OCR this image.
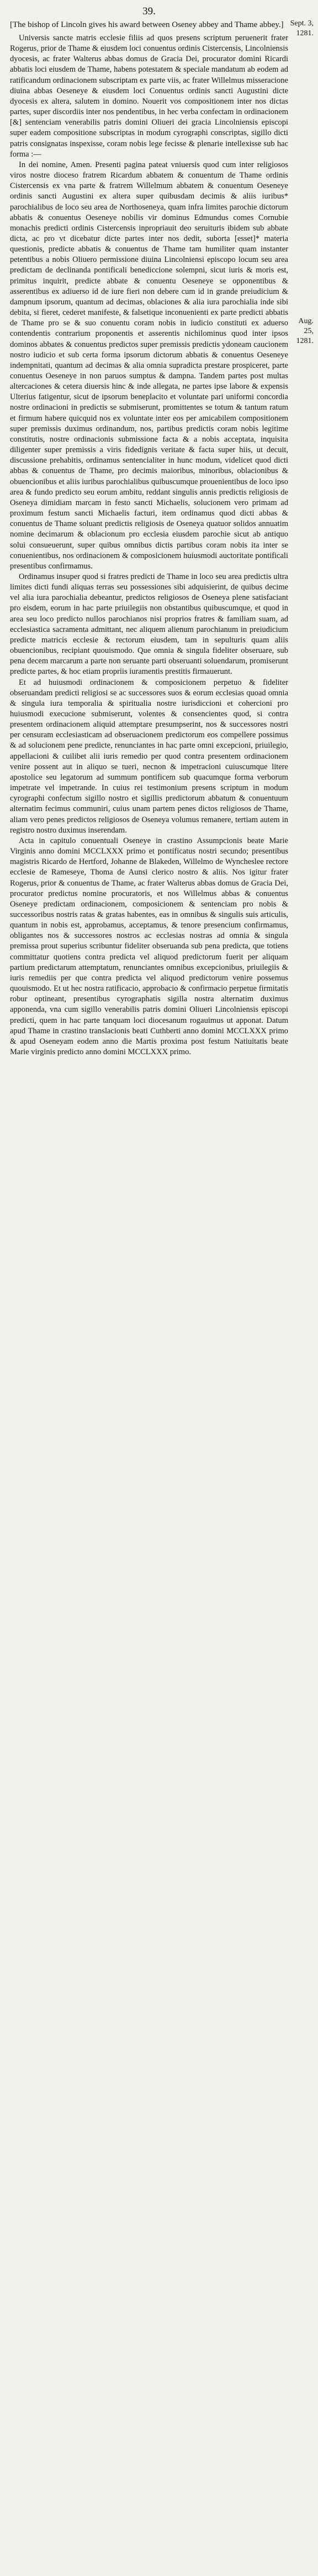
39.
[The bishop of Lincoln gives his award between Oseney abbey and Thame abbey.] Sept. 3, 1281.
Aug. 25, 1281.

Universis sancte matris ecclesie filiis ad quos presens scriptum peruenerit frater Rogerus, prior de Thame & eiusdem loci conuentus ordinis Cistercensis, Lincolniensis dyocesis, ac frater Walterus abbas domus de Gracia Dei, procurator domini Ricardi abbatis loci eiusdem de Thame, habens potestatem & speciale mandatum ab eodem ad ratificandum ordinacionem subscriptam ex parte viis, ac frater Willelmus misseracione diuina abbas Oeseneye & eiusdem loci Conuentus ordinis sancti Augustini dicte dyocesis ex altera, salutem in domino. Nouerit vos compositionem inter nos dictas partes, super discordiis inter nos pendentibus, in hec verba confectam in ordinacionem [&] sentenciam venerabilis patris domini Oliueri dei gracia Lincolniensis episcopi super eadem compositione subscriptas in modum cyrographi conscriptas, sigillo dicti patris consignatas inspexisse, coram nobis lege fecisse & plenarie intellexisse sub hac forma :—

In dei nomine, Amen. Presenti pagina pateat vniuersis quod cum inter religiosos viros nostre dioceso fratrem Ricardum abbatem & conuentum de Thame ordinis Cistercensis ex vna parte & fratrem Willelmum abbatem & conuentum Oeseneye ordinis sancti Augustini ex altera super quibusdam decimis & aliis iuribus* parochialibus de loco seu area de Northoseneya, quam infra limites parochie dictorum abbatis & conuentus Oeseneye nobilis vir dominus Edmundus comes Cornubie monachis predicti ordinis Cistercensis inpropriauit deo seruituris ibidem sub abbate dicta, ac pro vt dicebatur dicte partes inter nos dedit, suborta [esset]* materia questionis, predicte abbatis & conuentus de Thame tam humiliter quam instanter petentibus a nobis Oliuero permissione diuina Lincolniensi episcopo locum seu area predictam de declinanda pontificali benediccione solempni, sicut iuris & moris est, primitus inquirit, predicte abbate & conuentu Oeseneye se opponentibus & asserentibus ex adiuerso id de iure fieri non debere cum id in grande preiudicium & dampnum ipsorum, quantum ad decimas, oblaciones & alia iura parochialia inde sibi debita, si fieret, cederet manifeste, & falsetique inconuenienti ex parte predicti abbatis de Thame pro se & suo conuentu coram nobis in iudicio constituti ex aduerso contendentis contrarium proponentis et asserentis nichilominus quod inter ipsos dominos abbates & conuentus predictos super premissis predictis ydoneam caucionem nostro iudicio et sub certa forma ipsorum dictorum abbatis & conuentus Oeseneye indempnitati, quantum ad decimas & alia omnia supradicta prestare prospiceret, parte conuentus Oeseneye in non paruos sumptus & dampna. Tandem partes post multas altercaciones & cetera diuersis hinc & inde allegata, ne partes ipse labore & expensis Ulterius fatigentur, sicut de ipsorum beneplacito et voluntate pari uniformi concordia nostre ordinacioni in predictis se submiserunt, promittentes se totum & tantum ratum et firmum habere quicquid nos ex voluntate inter eos per amicabilem compositionem super premissis duximus ordinandum, nos, partibus predictis coram nobis legitime constitutis, nostre ordinacionis submissione facta & a nobis acceptata, inquisita diligenter super premissis a viris fidedignis veritate & facta super hiis, ut decuit, discussione prehabitis, ordinamus sentencialiter in hunc modum, videlicet quod dicti abbas & conuentus de Thame, pro decimis maioribus, minoribus, oblacionibus & obuencionibus et aliis iuribus parochialibus quibuscumque prouenientibus de loco ipso area & fundo predicto seu eorum ambitu, reddant singulis annis predictis religiosis de Oseneya dimidiam marcam in festo sancti Michaelis, solucionem vero primam ad proximum festum sancti Michaelis facturi, item ordinamus quod dicti abbas & conuentus de Thame soluant predictis religiosis de Oseneya quatuor solidos annuatim nomine decimarum & oblacionum pro ecclesia eiusdem parochie sicut ab antiquo solui consueuerunt, super quibus omnibus dictis partibus coram nobis ita inter se conuenientibus, nos ordinacionem & composicionem huiusmodi auctoritate pontificali presentibus confirmamus.

Ordinamus insuper quod si fratres predicti de Thame in loco seu area predictis ultra limites dicti fundi aliquas terras seu possessiones sibi adquisierint, de quibus decime vel alia iura parochialia debeantur, predictos religiosos de Oseneya plene satisfaciant pro eisdem, eorum in hac parte priuilegiis non obstantibus quibuscumque, et quod in area seu loco predicto nullos parochianos nisi proprios fratres & familiam suam, ad ecclesiastica sacramenta admittant, nec aliquem alienum parochianum in preiudicium predicte matricis ecclesie & rectorum eiusdem, tam in sepulturis quam aliis obuencionibus, recipiant quouismodo. Que omnia & singula fideliter obseruare, sub pena decem marcarum a parte non seruante parti obseruanti soluendarum, promiserunt predicte partes, & hoc etiam propriis iuramentis prestitis firmauerunt.

Et ad huiusmodi ordinacionem & composicionem perpetuo & fideliter obseruandam predicti religiosi se ac successores suos & eorum ecclesias quoad omnia & singula iura temporalia & spiritualia nostre iurisdiccioni et cohercioni pro huiusmodi execucione submiserunt, volentes & consencientes quod, si contra presentem ordinacionem aliquid attemptare presumpserint, nos & successores nostri per censuram ecclesiasticam ad obseruacionem predictorum eos compellere possimus & ad solucionem pene predicte, renunciantes in hac parte omni excepcioni, priuilegio, appellacioni & cuilibet alii iuris remedio per quod contra presentem ordinacionem venire possent aut in aliquo se tueri, necnon & impetracioni cuiuscumque litere apostolice seu legatorum ad summum pontificem sub quacumque forma verborum impetrate vel impetrande. In cuius rei testimonium presens scriptum in modum cyrographi confectum sigillo nostro et sigillis predictorum abbatum & conuentuum alternatim fecimus communiri, cuius unam partem penes dictos religiosos de Thame, aliam vero penes predictos religiosos de Oseneya volumus remanere, tertiam autem in registro nostro duximus inserendam.

Acta in capitulo conuentuali Oseneye in crastino Assumpcionis beate Marie Virginis anno domini MCCLXXX primo et pontificatus nostri secundo; presentibus magistris Ricardo de Hertford, Johanne de Blakeden, Willelmo de Wyncheslee rectore ecclesie de Rameseye, Thoma de Aunsi clerico nostro & aliis. Nos igitur frater Rogerus, prior & conuentus de Thame, ac frater Walterus abbas domus de Gracia Dei, procurator predictus nomine procuratoris, et nos Willelmus abbas & conuentus Oseneye predictam ordinacionem, composicionem & sentenciam pro nobis & successoribus nostris ratas & gratas habentes, eas in omnibus & singulis suis articulis, quantum in nobis est, approbamus, acceptamus, & tenore presencium confirmamus, obligantes nos & successores nostros ac ecclesias nostras ad omnia & singula premissa prout superius scribuntur fideliter obseruanda sub pena predicta, que totiens committatur quotiens contra predicta vel aliquod predictorum fuerit per aliquam partium predictarum attemptatum, renunciantes omnibus excepcionibus, priuilegiis & iuris remediis per que contra predicta vel aliquod predictorum venire possemus quouismodo. Et ut hec nostra ratificacio, approbacio & confirmacio perpetue firmitatis robur optineant, presentibus cyrographatis sigilla nostra alternatim duximus apponenda, vna cum sigillo venerabilis patris domini Oliueri Lincolniensis episcopi predicti, quem in hac parte tanquam loci diocesanum rogauimus ut apponat. Datum apud Thame in crastino translacionis beati Cuthberti anno domini MCCLXXX primo & apud Oseneyam eodem anno die Martis proxima post festum Natiuitatis beate Marie virginis predicto anno domini MCCLXXX primo.
